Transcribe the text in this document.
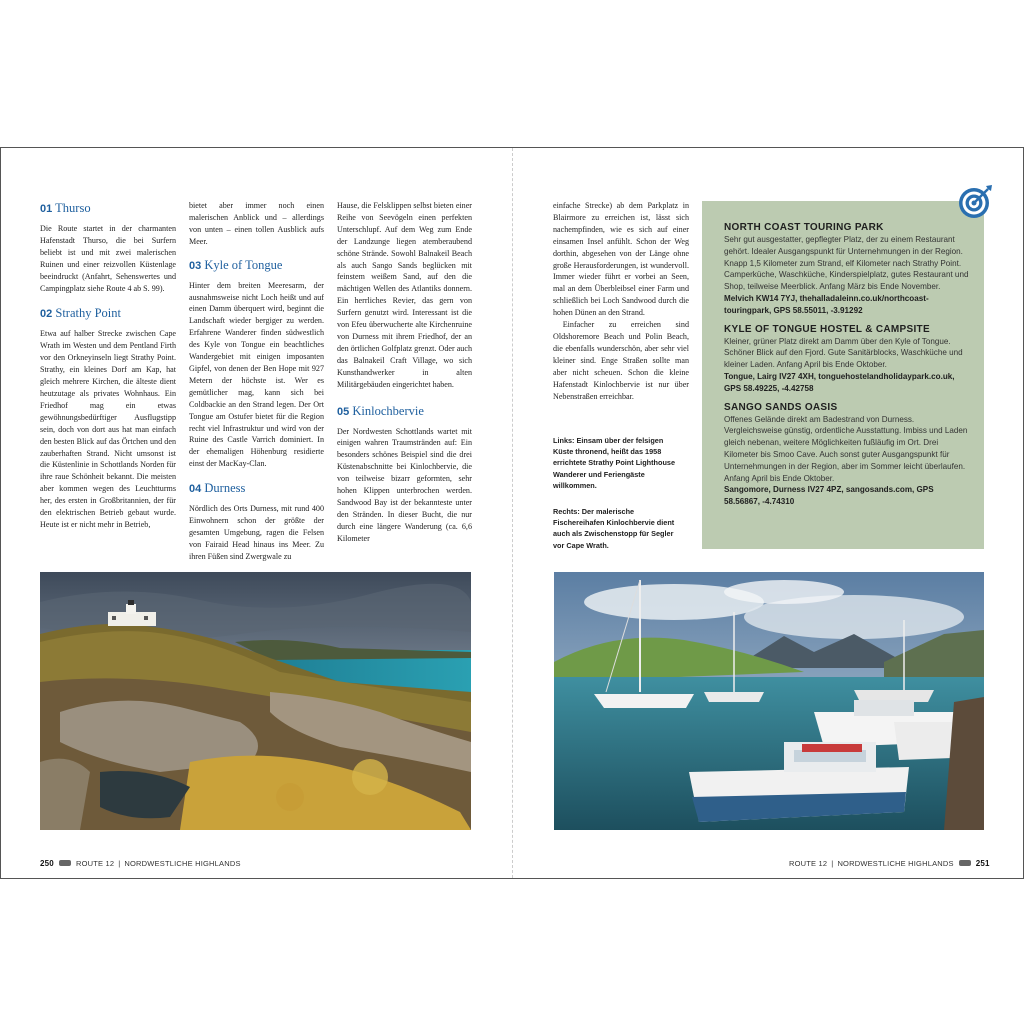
01 Thurso

Die Route startet in der charmanten Hafenstadt Thurso, die bei Surfern beliebt ist und mit zwei malerischen Ruinen und einer reizvollen Küstenlage beeindruckt (Anfahrt, Sehenswertes und Campingplatz siehe Route 4 ab S. 99).

02 Strathy Point

Etwa auf halber Strecke zwischen Cape Wrath im Westen und dem Pentland Firth vor den Orkneyinseln liegt Strathy Point. Strathy, ein kleines Dorf am Kap, hat gleich mehrere Kirchen, die älteste dient heutzutage als privates Wohnhaus. Ein Friedhof mag ein etwas gewöhnungsbedürftiger Ausflugstipp sein, doch von dort aus hat man einfach den besten Blick auf das Örtchen und den zauberhaften Strand. Nicht umsonst ist die Küstenlinie in Schottlands Norden für ihre raue Schönheit bekannt. Die meisten aber kommen wegen des Leuchtturms her, des ersten in Großbritannien, der für den elektrischen Betrieb gebaut wurde. Heute ist er nicht mehr in Betrieb,

bietet aber immer noch einen malerischen Anblick und – allerdings von unten – einen tollen Ausblick aufs Meer.

03 Kyle of Tongue

Hinter dem breiten Meeresarm, der ausnahmsweise nicht Loch heißt und auf einen Damm überquert wird, beginnt die Landschaft wieder bergiger zu werden. Erfahrene Wanderer finden südwestlich des Kyle von Tongue ein beachtliches Wandergebiet mit einigen imposanten Gipfel, von denen der Ben Hope mit 927 Metern der höchste ist. Wer es gemütlicher mag, kann sich bei Coldbackie an den Strand legen. Der Ort Tongue am Ostufer bietet für die Region recht viel Infrastruktur und wird von der Ruine des Castle Varrich dominiert. In der ehemaligen Höhenburg residierte einst der MacKay-Clan.

04 Durness

Nördlich des Orts Durness, mit rund 400 Einwohnern schon der größte der gesamten Umgebung, ragen die Felsen von Fairaid Head hinaus ins Meer. Zu ihren Füßen sind Zwergwale zu

Hause, die Felsklippen selbst bieten einer Reihe von Seevögeln einen perfekten Unterschlupf. Auf dem Weg zum Ende der Landzunge liegen atemberaubend schöne Strände. Sowohl Balnakeil Beach als auch Sango Sands beglücken mit feinstem weißem Sand, auf den die mächtigen Wellen des Atlantiks donnern. Ein herrliches Revier, das gern von Surfern genutzt wird. Interessant ist die von Efeu überwucherte alte Kirchenruine von Durness mit ihrem Friedhof, der an den örtlichen Golfplatz grenzt. Oder auch das Balnakeil Craft Village, wo sich Kunsthandwerker in alten Militärgebäuden eingerichtet haben.

05 Kinlochbervie

Der Nordwesten Schottlands wartet mit einigen wahren Traumstränden auf: Ein besonders schönes Beispiel sind die drei Küstenabschnitte bei Kinlochbervie, die von teilweise bizarr geformten, sehr hohen Klippen unterbrochen werden. Sandwood Bay ist der bekannteste unter den Stränden. In dieser Bucht, die nur durch eine längere Wanderung (ca. 6,6 Kilometer

einfache Strecke) ab dem Parkplatz in Blairmore zu erreichen ist, lässt sich nachempfinden, wie es sich auf einer einsamen Insel anfühlt. Schon der Weg dorthin, abgesehen von der Länge ohne große Herausforderungen, ist wundervoll. Immer wieder führt er vorbei an Seen, mal an dem Überbleibsel einer Farm und schließlich bei Loch Sandwood durch die hohen Dünen an den Strand.

Einfacher zu erreichen sind Oldshoremore Beach und Polin Beach, die ebenfalls wunderschön, aber sehr viel kleiner sind. Enge Straßen sollte man aber nicht scheuen. Schon die kleine Hafenstadt Kinlochbervie ist nur über Nebenstraßen erreichbar.

Links: Einsam über der felsigen Küste thronend, heißt das 1958 errichtete Strathy Point Lighthouse Wanderer und Feriengäste willkommen.
Rechts: Der malerische Fischereihafen Kinlochbervie dient auch als Zwischenstopp für Segler vor Cape Wrath.
NORTH COAST TOURING PARK

Sehr gut ausgestatter, gepflegter Platz, der zu einem Restaurant gehört. Idealer Ausgangspunkt für Unternehmungen in der Region. Knapp 1,5 Kilometer zum Strand, elf Kilometer nach Strathy Point. Camperküche, Waschküche, Kinderspielplatz, gutes Restaurant und Shop, teilweise Meerblick. Anfang März bis Ende November.

Melvich KW14 7YJ, thehalladaleinn.co.uk/northcoast-touringpark, GPS 58.55011, -3.91292

KYLE OF TONGUE HOSTEL & CAMPSITE

Kleiner, grüner Platz direkt am Damm über den Kyle of Tongue. Schöner Blick auf den Fjord. Gute Sanitärblocks, Waschküche und kleiner Laden. Anfang April bis Ende Oktober.

Tongue, Lairg IV27 4XH, tonguehostelandholidaypark.co.uk, GPS 58.49225, -4.42758

SANGO SANDS OASIS

Offenes Gelände direkt am Badestrand von Durness. Vergleichsweise günstig, ordentliche Ausstattung. Imbiss und Laden gleich nebenan, weitere Möglichkeiten fußläufig im Ort. Drei Kilometer bis Smoo Cave. Auch sonst guter Ausgangspunkt für Unternehmungen in der Region, aber im Sommer leicht überlaufen. Anfang April bis Ende Oktober.

Sangomore, Durness IV27 4PZ, sangosands.com, GPS 58.56867, -4.74310

250	ROUTE 12 | NORDWESTLICHE HIGHLANDS	ROUTE 12 | NORDWESTLICHE HIGHLANDS	251
